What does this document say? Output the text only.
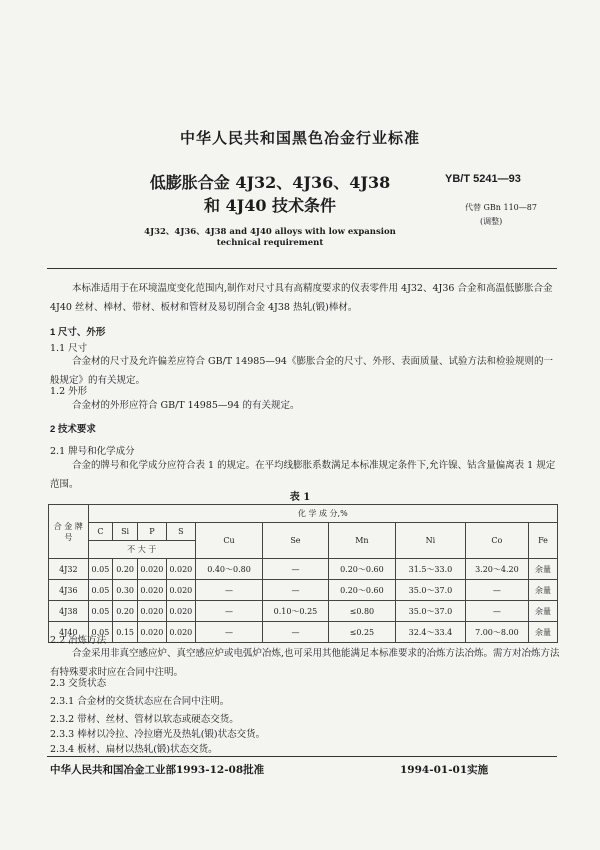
中华人民共和国黑色冶金行业标准
低膨胀合金 4J32、4J36、4J38
和 4J40 技术条件
YB/T 5241—93
代替 GBn 110—87
(调整)
4J32、4J36、4J38 and 4J40 alloys with low expansion
technical requirement
本标准适用于在环境温度变化范围内,制作对尺寸具有高精度要求的仪表零件用 4J32、4J36 合金和高温低膨胀合金 4J40 丝材、棒材、带材、板材和管材及易切削合金 4J38 热轧(锻)棒材。
1 尺寸、外形
1.1 尺寸
合金材的尺寸及允许偏差应符合 GB/T 14985—94《膨胀合金的尺寸、外形、表面质量、试验方法和检验规则的一般规定》的有关规定。
1.2 外形
合金材的外形应符合 GB/T 14985—94 的有关规定。
2 技术要求
2.1 牌号和化学成分
合金的牌号和化学成分应符合表 1 的规定。在平均线膨胀系数满足本标准规定条件下,允许镍、钴含量偏离表 1 规定范围。
表 1
合 金 牌 号	化 学 成 分,%									
	C	Si	P	S	Cu	Se	Mn	Ni	Co	Fe
	不 大 于									
4J32	0.05	0.20	0.020	0.020	0.40～0.80	—	0.20～0.60	31.5～33.0	3.20～4.20	余量
4J36	0.05	0.30	0.020	0.020	—	—	0.20～0.60	35.0～37.0	—	余量
4J38	0.05	0.20	0.020	0.020	—	0.10～0.25	≤0.80	35.0～37.0	—	余量
4J40	0.05	0.15	0.020	0.020	—	—	≤0.25	32.4～33.4	7.00～8.00	余量
2.2 冶炼方法
合金采用非真空感应炉、真空感应炉或电弧炉冶炼,也可采用其他能满足本标准要求的冶炼方法冶炼。需方对冶炼方法有特殊要求时应在合同中注明。
2.3 交货状态
2.3.1 合金材的交货状态应在合同中注明。
2.3.2 带材、丝材、管材以软态或硬态交货。
2.3.3 棒材以冷拉、冷拉磨光及热轧(锻)状态交货。
2.3.4 板材、扁材以热轧(锻)状态交货。
中华人民共和国冶金工业部1993-12-08批准	1994-01-01实施
